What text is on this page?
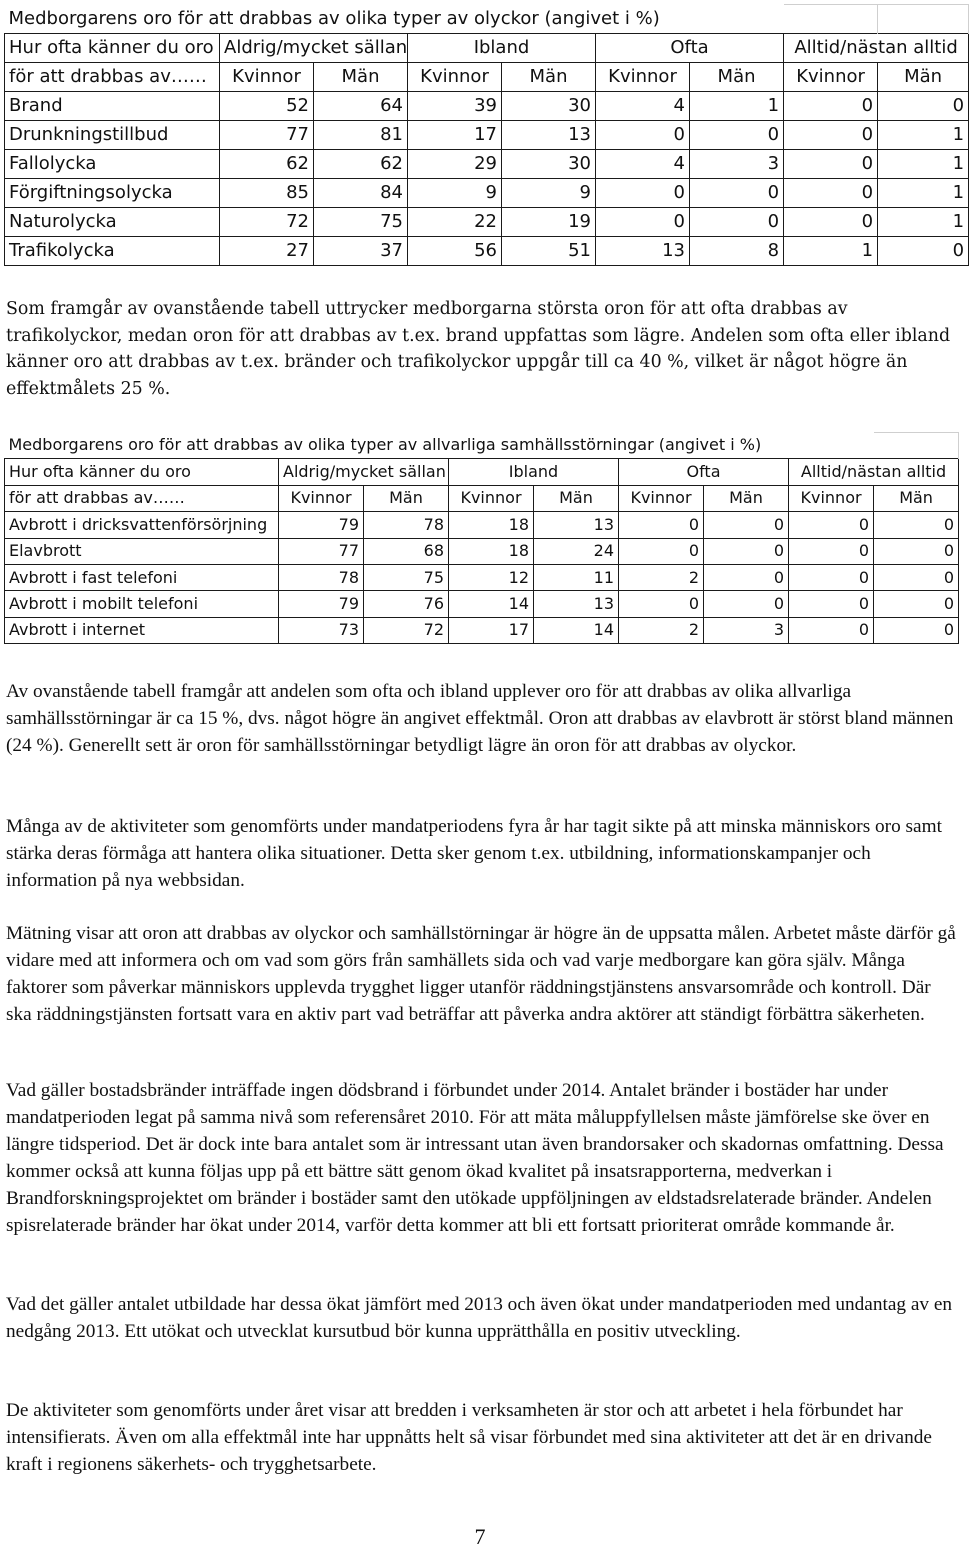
Medborgarens oro för att drabbas av olika typer av olyckor (angivet i %)								
Hur ofta känner du oro	Aldrig/mycket sällan		Ibland		Ofta		Alltid/nästan alltid	
för att drabbas av……	Kvinnor	Män	Kvinnor	Män	Kvinnor	Män	Kvinnor	Män
Brand	52	64	39	30	4	1	0	0
Drunkningstillbud	77	81	17	13	0	0	0	1
Fallolycka	62	62	29	30	4	3	0	1
Förgiftningsolycka	85	84	9	9	0	0	0	1
Naturolycka	72	75	22	19	0	0	0	1
Trafikolycka	27	37	56	51	13	8	1	0

Som framgår av ovanstående tabell uttrycker medborgarna största oron för att ofta drabbas av trafikolyckor, medan oron för att drabbas av t.ex. brand uppfattas som lägre. Andelen som ofta eller ibland känner oro att drabbas av t.ex. bränder och trafikolyckor uppgår till ca 40 %, vilket är något högre än effektmålets 25 %.

Medborgarens oro för att drabbas av olika typer av allvarliga samhällsstörningar (angivet i %)								
Hur ofta känner du oro	Aldrig/mycket sällan		Ibland		Ofta		Alltid/nästan alltid	
för att drabbas av……	Kvinnor	Män	Kvinnor	Män	Kvinnor	Män	Kvinnor	Män
Avbrott i dricksvattenförsörjning	79	78	18	13	0	0	0	0
Elavbrott	77	68	18	24	0	0	0	0
Avbrott i fast telefoni	78	75	12	11	2	0	0	0
Avbrott i mobilt telefoni	79	76	14	13	0	0	0	0
Avbrott i internet	73	72	17	14	2	3	0	0

Av ovanstående tabell framgår att andelen som ofta och ibland upplever oro för att drabbas av olika allvarliga samhällsstörningar är ca 15 %, dvs. något högre än angivet effektmål. Oron att drabbas av elavbrott är störst bland männen (24 %). Generellt sett är oron för samhällsstörningar betydligt lägre än oron för att drabbas av olyckor.

Många av de aktiviteter som genomförts under mandatperiodens fyra år har tagit sikte på att minska människors oro samt stärka deras förmåga att hantera olika situationer. Detta sker genom t.ex. utbildning, informationskampanjer och information på nya webbsidan.

Mätning visar att oron att drabbas av olyckor och samhällstörningar är högre än de uppsatta målen. Arbetet måste därför gå vidare med att informera och om vad som görs från samhällets sida och vad varje medborgare kan göra själv. Många faktorer som påverkar människors upplevda trygghet ligger utanför räddningstjänstens ansvarsområde och kontroll. Där ska räddningstjänsten fortsatt vara en aktiv part vad beträffar att påverka andra aktörer att ständigt förbättra säkerheten.

Vad gäller bostadsbränder inträffade ingen dödsbrand i förbundet under 2014. Antalet bränder i bostäder har under mandatperioden legat på samma nivå som referensåret 2010. För att mäta måluppfyllelsen måste jämförelse ske över en längre tidsperiod. Det är dock inte bara antalet som är intressant utan även brandorsaker och skadornas omfattning. Dessa kommer också att kunna följas upp på ett bättre sätt genom ökad kvalitet på insatsrapporterna, medverkan i Brandforskningsprojektet om bränder i bostäder samt den utökade uppföljningen av eldstadsrelaterade bränder. Andelen spisrelaterade bränder har ökat under 2014, varför detta kommer att bli ett fortsatt prioriterat område kommande år.

Vad det gäller antalet utbildade har dessa ökat jämfört med 2013 och även ökat under mandatperioden med undantag av en nedgång 2013. Ett utökat och utvecklat kursutbud bör kunna upprätthålla en positiv utveckling.

De aktiviteter som genomförts under året visar att bredden i verksamheten är stor och att arbetet i hela förbundet har intensifierats. Även om alla effektmål inte har uppnåtts helt så visar förbundet med sina aktiviteter att det är en drivande kraft i regionens säkerhets- och trygghetsarbete.

7
